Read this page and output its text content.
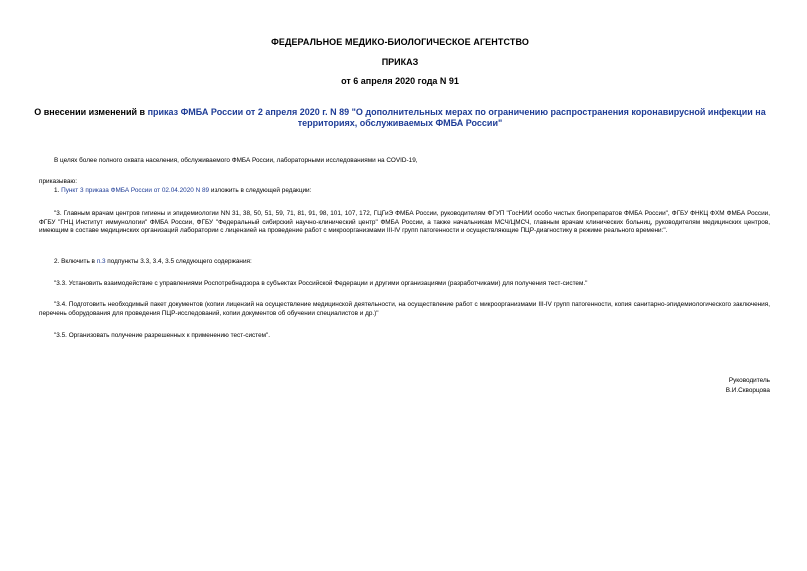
ФЕДЕРАЛЬНОЕ МЕДИКО-БИОЛОГИЧЕСКОЕ АГЕНТСТВО
ПРИКАЗ
от 6 апреля 2020 года N 91
О внесении изменений в приказ ФМБА России от 2 апреля 2020 г. N 89 "О дополнительных мерах по ограничению распространения коронавирусной инфекции на территориях, обслуживаемых ФМБА России"
В целях более полного охвата населения, обслуживаемого ФМБА России, лабораторными исследованиями на COVID-19,
приказываю:
1. Пункт 3 приказа ФМБА России от 02.04.2020 N 89 изложить в следующей редакции:
"3. Главным врачам центров гигиены и эпидемиологии NN 31, 38, 50, 51, 59, 71, 81, 91, 98, 101, 107, 172, ГЦГиЭ ФМБА России, руководителям ФГУП "ГосНИИ особо чистых биопрепаратов ФМБА России", ФГБУ ФНКЦ ФХМ ФМБА России, ФГБУ "ГНЦ Институт иммунологии" ФМБА России, ФГБУ "Федеральный сибирский научно-клинический центр" ФМБА России, а также начальникам МСЧ/ЦМСЧ, главным врачам клинических больниц, руководителям медицинских центров, имеющим в составе медицинских организаций лаборатории с лицензией на проведение работ с микроорганизмами III-IV групп патогенности и осуществляющие ПЦР-диагностику в режиме реального времени:".
2. Включить в п.3 подпункты 3.3, 3.4, 3.5 следующего содержания:
"3.3. Установить взаимодействие с управлениями Роспотребнадзора в субъектах Российской Федерации и другими организациями (разработчиками) для получения тест-систем."
"3.4. Подготовить необходимый пакет документов (копии лицензий на осуществление медицинской деятельности, на осуществление работ с микроорганизмами III-IV групп патогенности, копия санитарно-эпидемиологического заключения, перечень оборудования для проведения ПЦР-исследований, копии документов об обучении специалистов и др.)"
"3.5. Организовать получение разрешенных к применению тест-систем".
Руководитель
В.И.Скворцова
